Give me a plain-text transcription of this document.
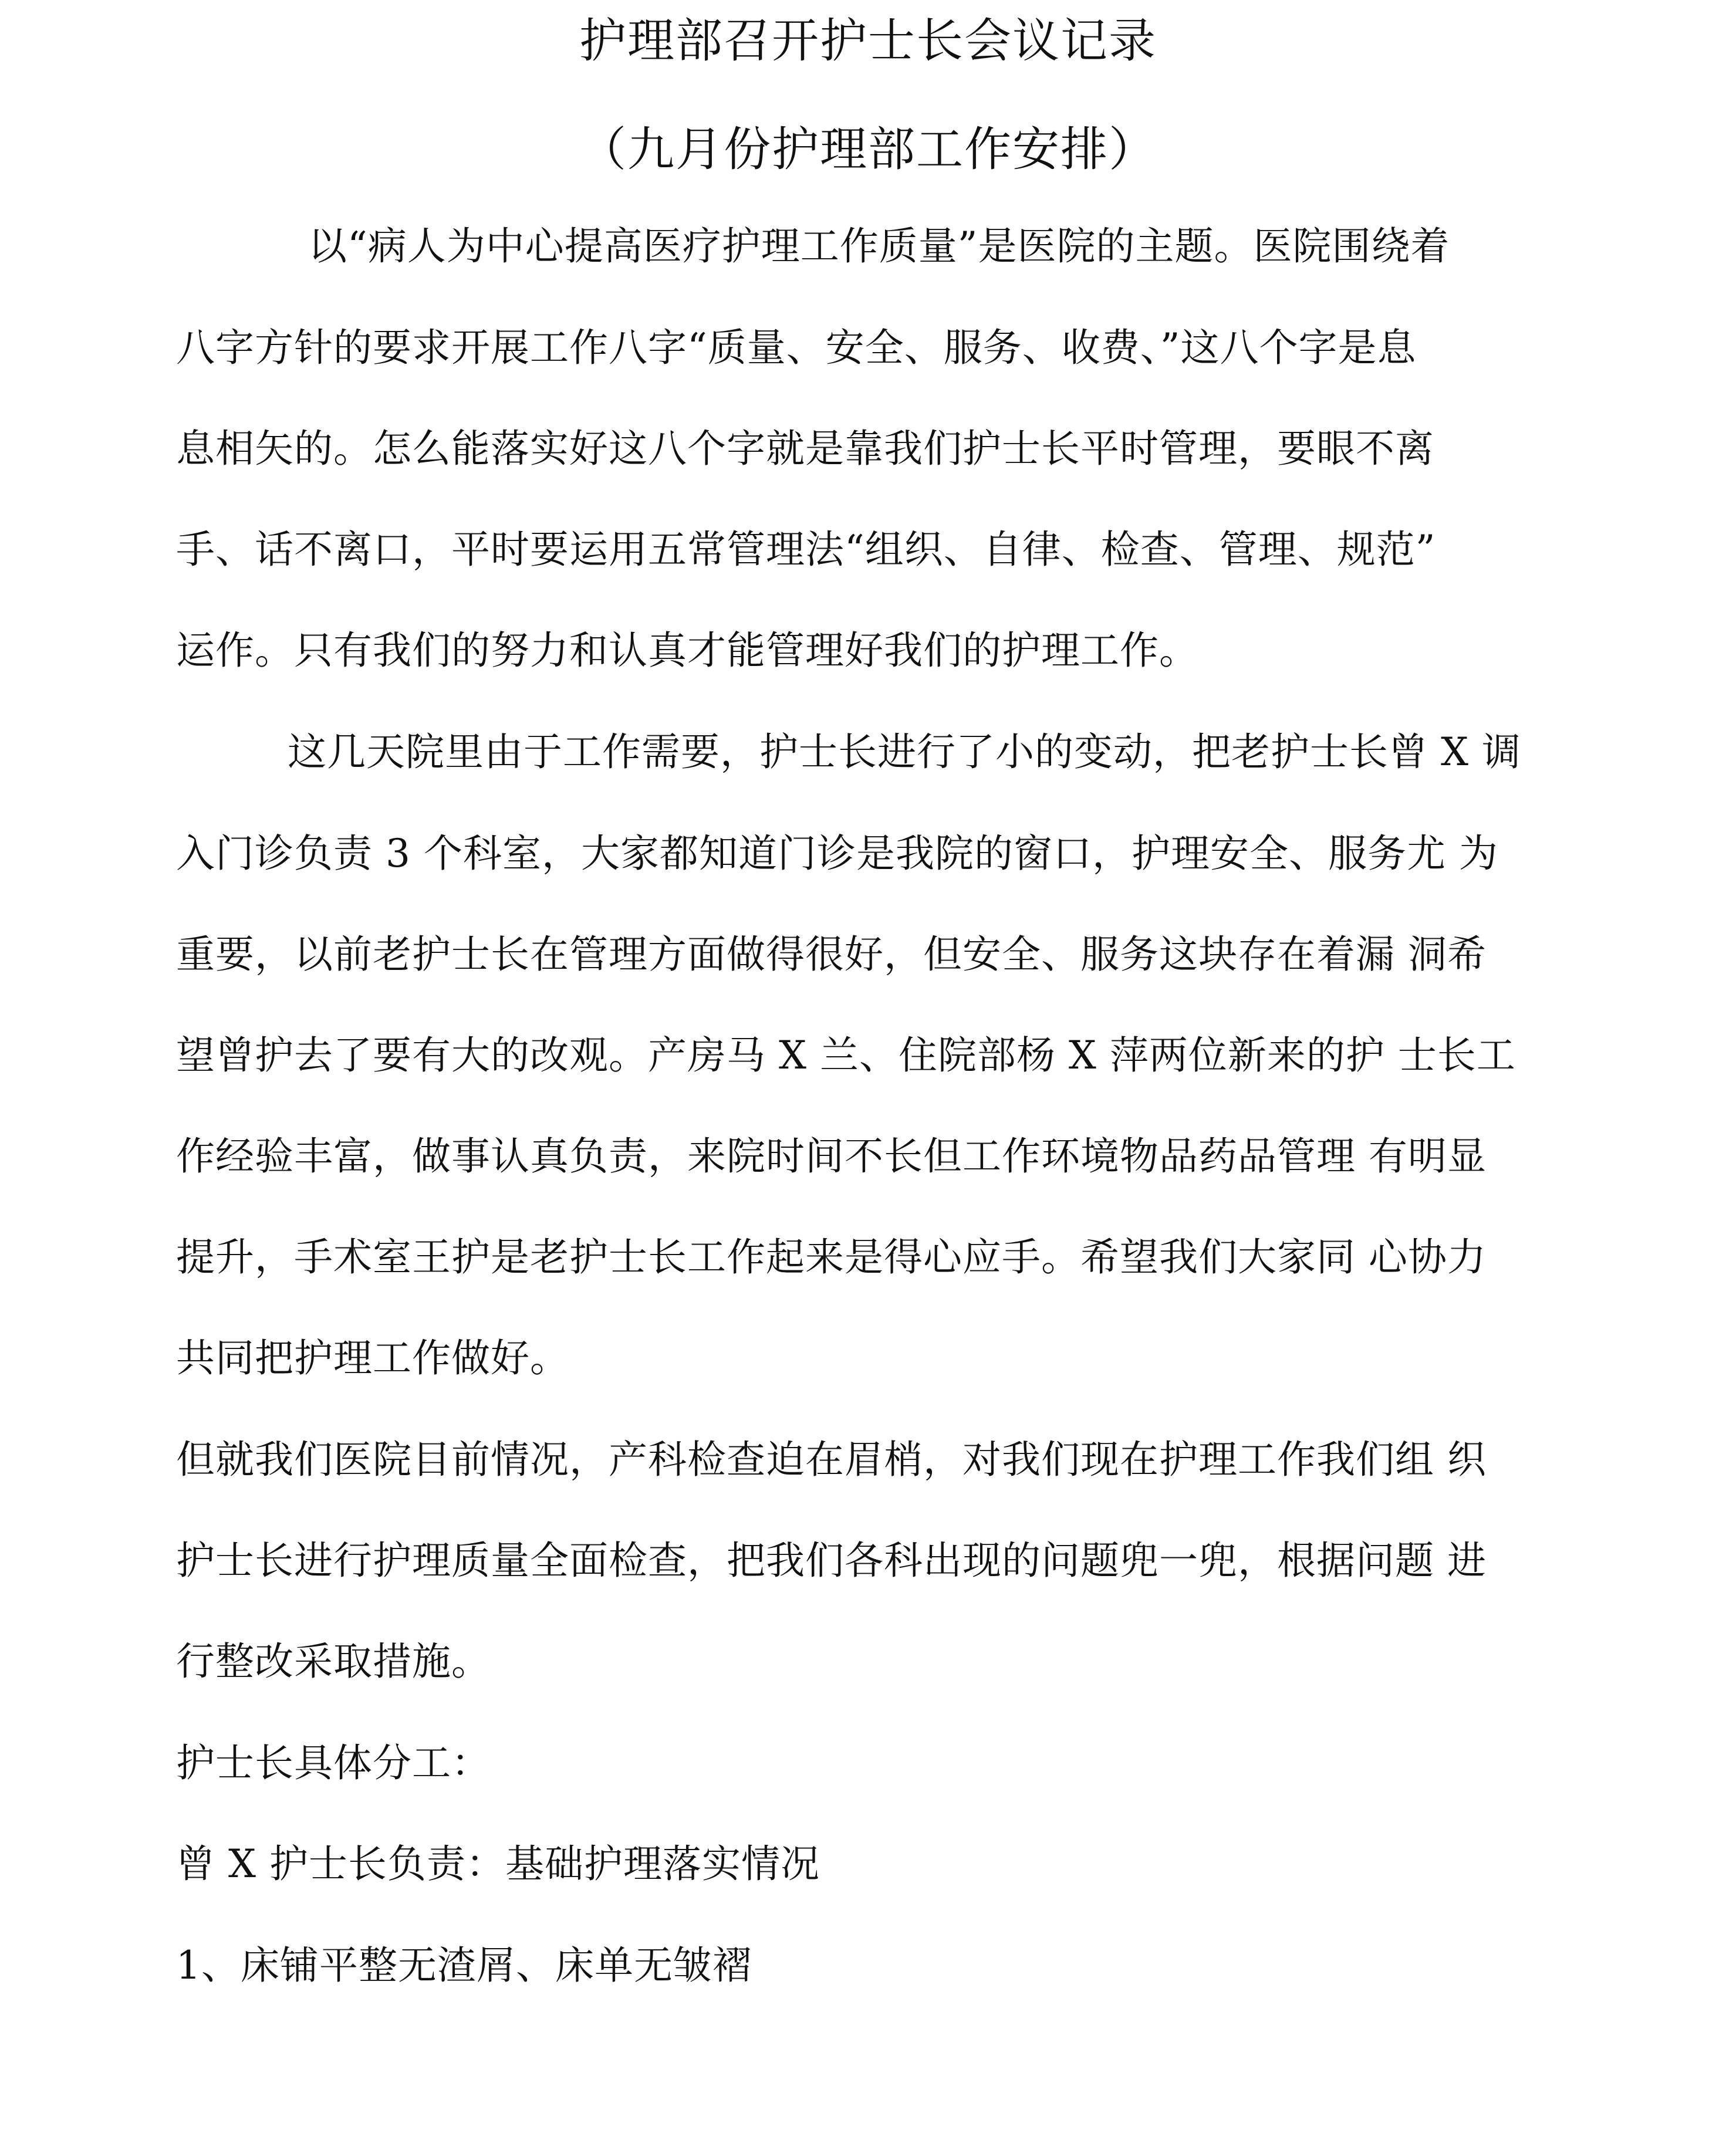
护理部召开护士长会议记录
（九月份护理部工作安排）
以“病人为中心提高医疗护理工作质量”是医院的主题。医院围绕着
八字方针的要求开展工作八字“质量、安全、服务、收费、”这八个字是息
息相矢的。怎么能落实好这八个字就是靠我们护士长平时管理，要眼不离
手、话不离口，平时要运用五常管理法“组织、自律、检查、管理、规范”
运作。只有我们的努力和认真才能管理好我们的护理工作。
这几天院里由于工作需要，护士长进行了小的变动，把老护士长曾 X 调
入门诊负责 3 个科室，大家都知道门诊是我院的窗口，护理安全、服务尤 为
重要，以前老护士长在管理方面做得很好，但安全、服务这块存在着漏 洞希
望曾护去了要有大的改观。产房马 X 兰、住院部杨 X 萍两位新来的护 士长工
作经验丰富，做事认真负责，来院时间不长但工作环境物品药品管理 有明显
提升，手术室王护是老护士长工作起来是得心应手。希望我们大家同 心协力
共同把护理工作做好。
但就我们医院目前情况，产科检查迫在眉梢，对我们现在护理工作我们组 织
护士长进行护理质量全面检查，把我们各科出现的问题兜一兜，根据问题 进
行整改采取措施。
护士长具体分工：
曾 X 护士长负责：基础护理落实情况
1、床铺平整无渣屑、床单无皱褶
